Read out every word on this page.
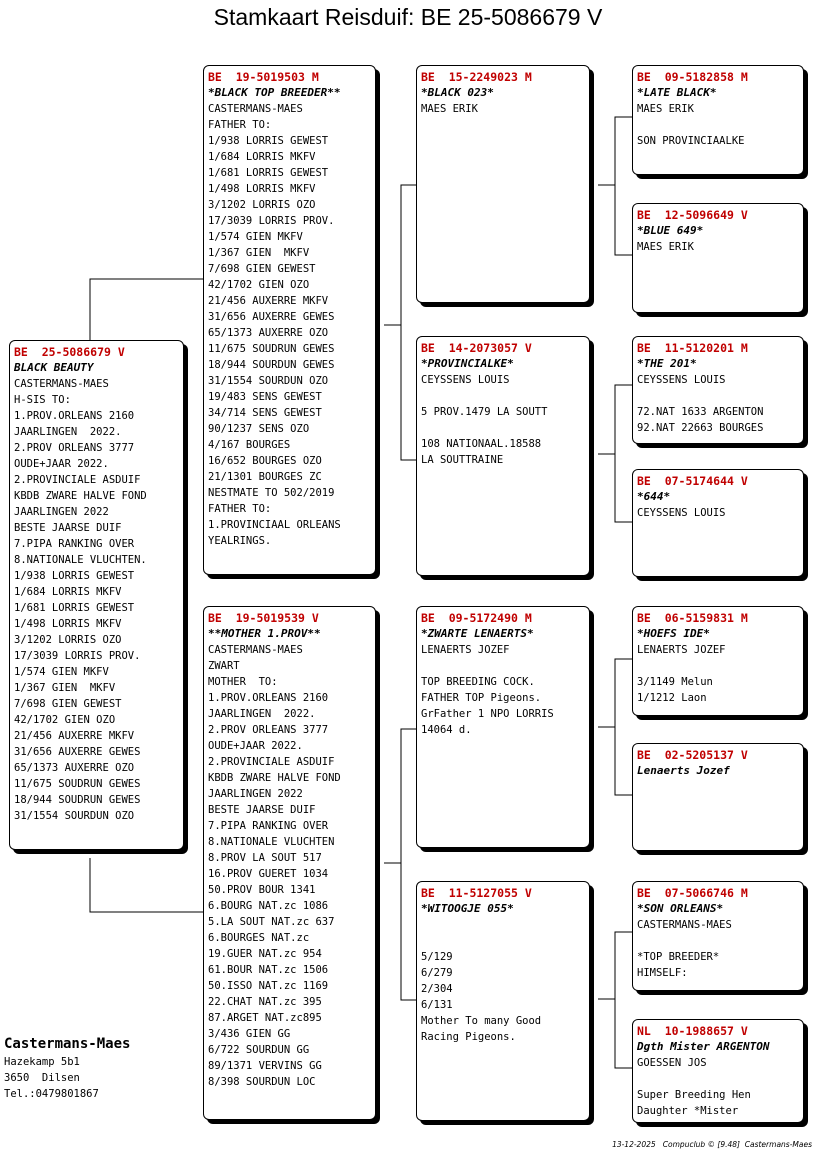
Stamkaart Reisduif: BE 25-5086679 V
BE  25-5086679 V
BLACK BEAUTY
CASTERMANS-MAES
H-SIS TO:
1.PROV.ORLEANS 2160
JAARLINGEN  2022.
2.PROV ORLEANS 3777
OUDE+JAAR 2022.
2.PROVINCIALE ASDUIF
KBDB ZWARE HALVE FOND
JAARLINGEN 2022
BESTE JAARSE DUIF
7.PIPA RANKING OVER
8.NATIONALE VLUCHTEN.
1/938 LORRIS GEWEST
1/684 LORRIS MKFV
1/681 LORRIS GEWEST
1/498 LORRIS MKFV
3/1202 LORRIS OZO
17/3039 LORRIS PROV.
1/574 GIEN MKFV
1/367 GIEN  MKFV
7/698 GIEN GEWEST
42/1702 GIEN OZO
21/456 AUXERRE MKFV
31/656 AUXERRE GEWES
65/1373 AUXERRE OZO
11/675 SOUDRUN GEWES
18/944 SOUDRUN GEWES
31/1554 SOURDUN OZO
BE  19-5019503 M
*BLACK TOP BREEDER**
CASTERMANS-MAES
FATHER TO:
1/938 LORRIS GEWEST
1/684 LORRIS MKFV
1/681 LORRIS GEWEST
1/498 LORRIS MKFV
3/1202 LORRIS OZO
17/3039 LORRIS PROV.
1/574 GIEN MKFV
1/367 GIEN  MKFV
7/698 GIEN GEWEST
42/1702 GIEN OZO
21/456 AUXERRE MKFV
31/656 AUXERRE GEWES
65/1373 AUXERRE OZO
11/675 SOUDRUN GEWES
18/944 SOURDUN GEWES
31/1554 SOURDUN OZO
19/483 SENS GEWEST
34/714 SENS GEWEST
90/1237 SENS OZO
4/167 BOURGES
16/652 BOURGES OZO
21/1301 BOURGES ZC
NESTMATE TO 502/2019
FATHER TO:
1.PROVINCIAAL ORLEANS
YEALRINGS.
BE  19-5019539 V
**MOTHER 1.PROV**
CASTERMANS-MAES
ZWART
MOTHER  TO:
1.PROV.ORLEANS 2160
JAARLINGEN  2022.
2.PROV ORLEANS 3777
OUDE+JAAR 2022.
2.PROVINCIALE ASDUIF
KBDB ZWARE HALVE FOND
JAARLINGEN 2022
BESTE JAARSE DUIF
7.PIPA RANKING OVER
8.NATIONALE VLUCHTEN
8.PROV LA SOUT 517
16.PROV GUERET 1034
50.PROV BOUR 1341
6.BOURG NAT.zc 1086
5.LA SOUT NAT.zc 637
6.BOURGES NAT.zc
19.GUER NAT.zc 954
61.BOUR NAT.zc 1506
50.ISSO NAT.zc 1169
22.CHAT NAT.zc 395
87.ARGET NAT.zc895
3/436 GIEN GG
6/722 SOURDUN GG
89/1371 VERVINS GG
8/398 SOURDUN LOC
BE  15-2249023 M
*BLACK 023*
MAES ERIK
BE  14-2073057 V
*PROVINCIALKE*
CEYSSENS LOUIS
5 PROV.1479 LA SOUTT
108 NATIONAAL.18588
LA SOUTTRAINE
BE  09-5172490 M
*ZWARTE LENAERTS*
LENAERTS JOZEF
TOP BREEDING COCK.
FATHER TOP Pigeons.
GrFather 1 NPO LORRIS
14064 d.
BE  11-5127055 V
*WITOOGJE 055*
5/129
6/279
2/304
6/131
Mother To many Good
Racing Pigeons.
BE  09-5182858 M
*LATE BLACK*
MAES ERIK
SON PROVINCIAALKE
BE  12-5096649 V
*BLUE 649*
MAES ERIK
BE  11-5120201 M
*THE 201*
CEYSSENS LOUIS
72.NAT 1633 ARGENTON
92.NAT 22663 BOURGES
BE  07-5174644 V
*644*
CEYSSENS LOUIS
BE  06-5159831 M
*HOEFS IDE*
LENAERTS JOZEF
3/1149 Melun
1/1212 Laon
BE  02-5205137 V
Lenaerts Jozef
BE  07-5066746 M
*SON ORLEANS*
CASTERMANS-MAES
*TOP BREEDER*
HIMSELF:
NL  10-1988657 V
Dgth Mister ARGENTON
GOESSEN JOS
Super Breeding Hen
Daughter *Mister
Castermans-Maes
Hazekamp 5b1
3650  Dilsen
Tel.:0479801867
13-12-2025   Compuclub © [9.48]  Castermans-Maes
